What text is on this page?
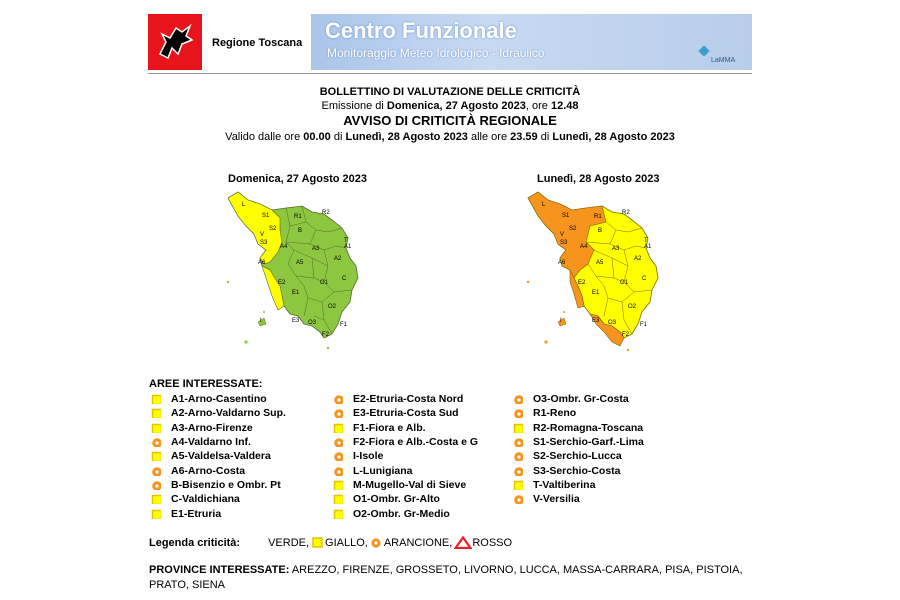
Regione Toscana Centro Funzionale
Monitoraggio Meteo Idrologico - Idraulico
LaMMA
BOLLETTINO DI VALUTAZIONE DELLE CRITICITÀ
Emissione di Domenica, 27 Agosto 2023, ore 12.48
AVVISO DI CRITICITÀ REGIONALE
Valido dalle ore 00.00 di Lunedì, 28 Agosto 2023 alle ore 23.59 di Lunedì, 28 Agosto 2023
Domenica, 27 Agosto 2023	Lunedì, 28 Agosto 2023
L
S1
S2
S3
V
A4
A6
B
R1
R2
T
A3
A5
A1
A2
E2	O1
C
E1
E3
O2
O3
F2
F1
I
L
S1
S2
S3
V
A4
A6
B
R1
R2
T
A3
A5
A1
A2
E2	O1
C
E1
E3
O2
O3
F2
F1
I
AREE INTERESSATE:
A1-Arno-Casentino
A2-Arno-Valdarno Sup.
A3-Arno-Firenze
A4-Valdarno Inf.
A5-Valdelsa-Valdera
A6-Arno-Costa
B-Bisenzio e Ombr. Pt
C-Valdichiana
E1-Etruria
E2-Etruria-Costa Nord
E3-Etruria-Costa Sud
F1-Fiora e Alb.
F2-Fiora e Alb.-Costa e G
I-Isole
L-Lunigiana
M-Mugello-Val di Sieve
O1-Ombr. Gr-Alto
O2-Ombr. Gr-Medio
O3-Ombr. Gr-Costa
R1-Reno
R2-Romagna-Toscana
S1-Serchio-Garf.-Lima
S2-Serchio-Lucca
S3-Serchio-Costa
T-Valtiberina
V-Versilia
Legenda criticità:	VERDE, GIALLO, ARANCIONE, ROSSO
PROVINCE INTERESSATE: AREZZO, FIRENZE, GROSSETO, LIVORNO, LUCCA, MASSA-CARRARA, PISA, PISTOIA, PRATO, SIENA
